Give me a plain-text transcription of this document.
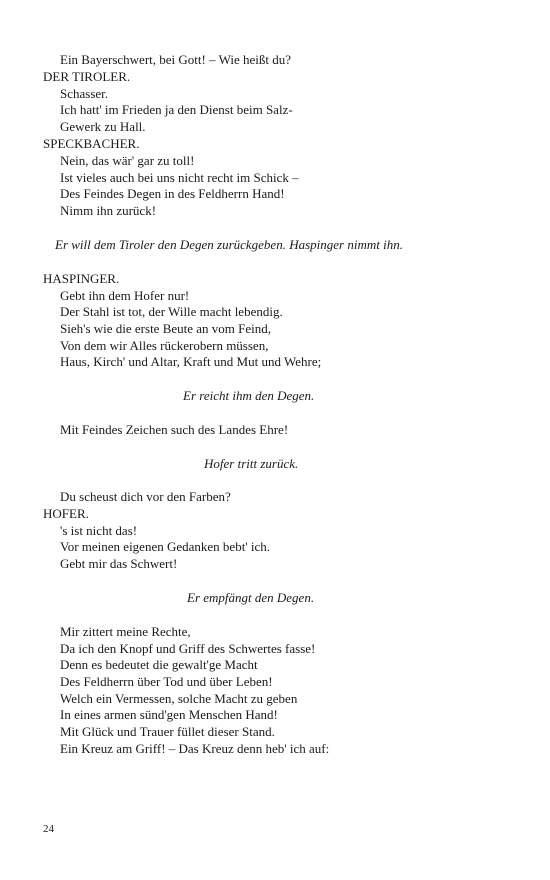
Ein Bayerschwert, bei Gott! – Wie heißt du?
DER TIROLER.
Schasser.
Ich hatt' im Frieden ja den Dienst beim Salz-
Gewerk zu Hall.
SPECKBACHER.
Nein, das wär' gar zu toll!
Ist vieles auch bei uns nicht recht im Schick –
Des Feindes Degen in des Feldherrn Hand!
Nimm ihn zurück!
Er will dem Tiroler den Degen zurückgeben. Haspinger nimmt ihn.
HASPINGER.
Gebt ihn dem Hofer nur!
Der Stahl ist tot, der Wille macht lebendig.
Sieh's wie die erste Beute an vom Feind,
Von dem wir Alles rückerobern müssen,
Haus, Kirch' und Altar, Kraft und Mut und Wehre;
Er reicht ihm den Degen.
Mit Feindes Zeichen such des Landes Ehre!
Hofer tritt zurück.
Du scheust dich vor den Farben?
HOFER.
's ist nicht das!
Vor meinen eigenen Gedanken bebt' ich.
Gebt mir das Schwert!
Er empfängt den Degen.
Mir zittert meine Rechte,
Da ich den Knopf und Griff des Schwertes fasse!
Denn es bedeutet die gewalt'ge Macht
Des Feldherrn über Tod und über Leben!
Welch ein Vermessen, solche Macht zu geben
In eines armen sünd'gen Menschen Hand!
Mit Glück und Trauer füllet dieser Stand.
Ein Kreuz am Griff! – Das Kreuz denn heb' ich auf:
24
